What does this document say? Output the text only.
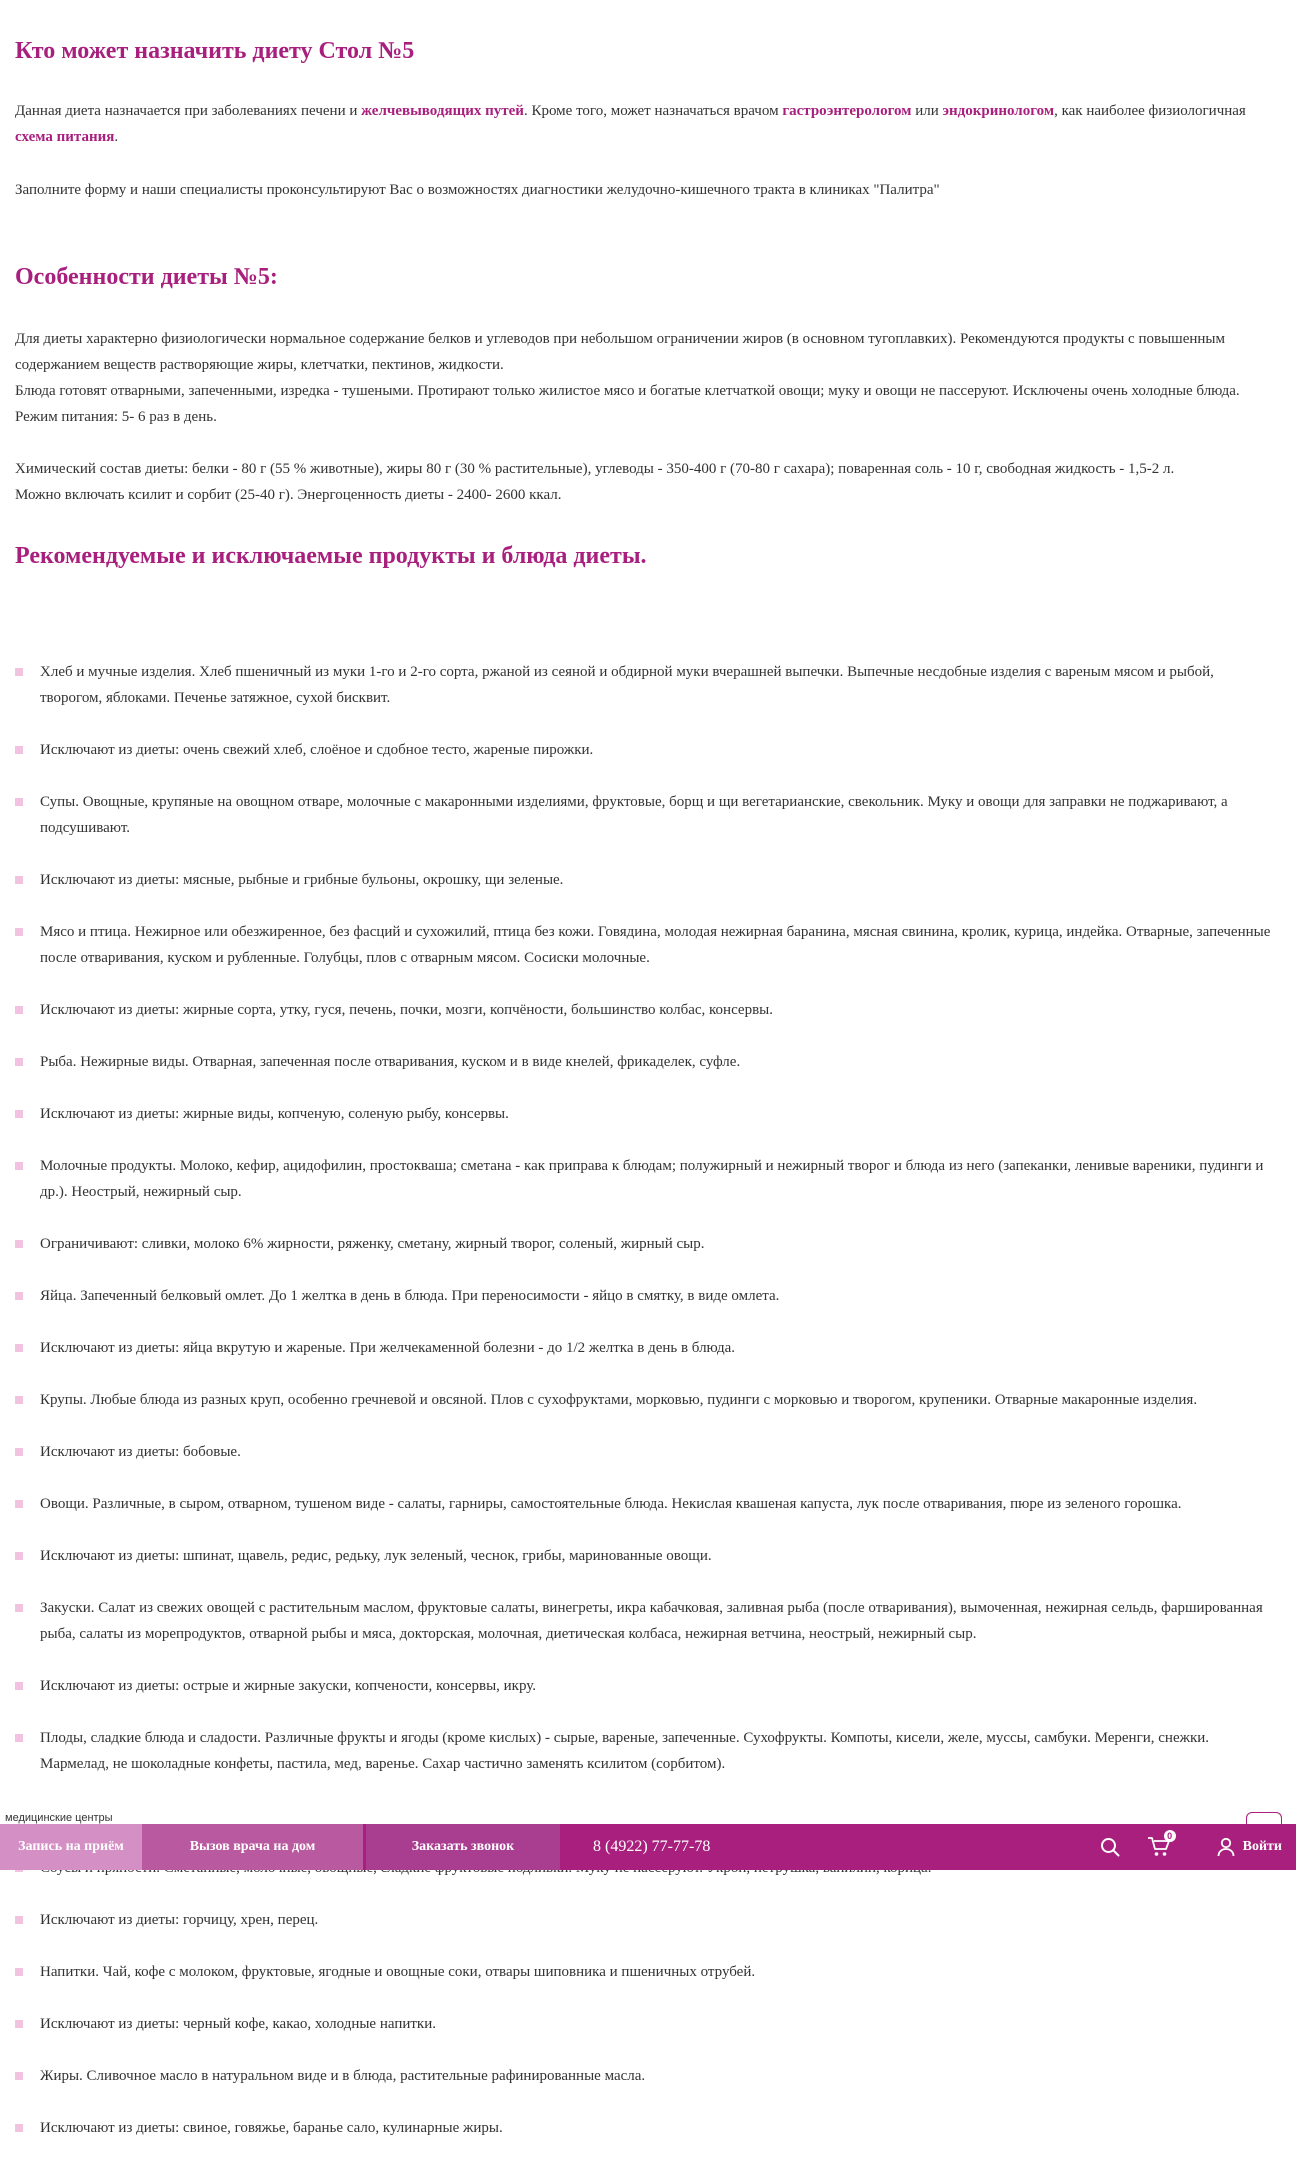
Кто может назначить диету Стол №5

Данная диета назначается при заболеваниях печени и желчевыводящих путей. Кроме того, может назначаться врачом гастроэнтерологом или эндокринологом, как наиболее физиологичная схема питания.

Заполните форму и наши специалисты проконсультируют Вас о возможностях диагностики желудочно-кишечного тракта в клиниках "Палитра"

Особенности диеты №5:

Для диеты характерно физиологически нормальное содержание белков и углеводов при небольшом ограничении жиров (в основном тугоплавких). Рекомендуются продукты с повышенным содержанием веществ растворяющие жиры, клетчатки, пектинов, жидкости.
Блюда готовят отварными, запеченными, изредка - тушеными. Протирают только жилистое мясо и богатые клетчаткой овощи; муку и овощи не пассеруют. Исключены очень холодные блюда. Режим питания: 5- 6 раз в день.

Химический состав диеты: белки - 80 г (55 % животные), жиры 80 г (30 % растительные), углеводы - 350-400 г (70-80 г сахара); поваренная соль - 10 г, свободная жидкость - 1,5-2 л.
Можно включать ксилит и сорбит (25-40 г). Энергоценность диеты - 2400- 2600 ккал.

Рекомендуемые и исключаемые продукты и блюда диеты.
Хлеб и мучные изделия. Хлеб пшеничный из муки 1-го и 2-го сорта, ржаной из сеяной и обдирной муки вчерашней выпечки. Выпечные несдобные изделия с вареным мясом и рыбой, творогом, яблоками. Печенье затяжное, сухой бисквит.
Исключают из диеты: очень свежий хлеб, слоёное и сдобное тесто, жареные пирожки.
Супы. Овощные, крупяные на овощном отваре, молочные с макаронными изделиями, фруктовые, борщ и щи вегетарианские, свекольник. Муку и овощи для заправки не поджаривают, а подсушивают.
Исключают из диеты: мясные, рыбные и грибные бульоны, окрошку, щи зеленые.
Мясо и птица. Нежирное или обезжиренное, без фасций и сухожилий, птица без кожи. Говядина, молодая нежирная баранина, мясная свинина, кролик, курица, индейка. Отварные, запеченные после отваривания, куском и рубленные. Голубцы, плов с отварным мясом. Сосиски молочные.
Исключают из диеты: жирные сорта, утку, гуся, печень, почки, мозги, копчёности, большинство колбас, консервы.
Рыба. Нежирные виды. Отварная, запеченная после отваривания, куском и в виде кнелей, фрикаделек, суфле.
Исключают из диеты: жирные виды, копченую, соленую рыбу, консервы.
Молочные продукты. Молоко, кефир, ацидофилин, простокваша; сметана - как приправа к блюдам; полужирный и нежирный творог и блюда из него (запеканки, ленивые вареники, пудинги и др.). Неострый, нежирный сыр.
Ограничивают: сливки, молоко 6% жирности, ряженку, сметану, жирный творог, соленый, жирный сыр.
Яйца. Запеченный белковый омлет. До 1 желтка в день в блюда. При переносимости - яйцо в смятку, в виде омлета.
Исключают из диеты: яйца вкрутую и жареные. При желчекаменной болезни - до 1/2 желтка в день в блюда.
Крупы. Любые блюда из разных круп, особенно гречневой и овсяной. Плов с сухофруктами, морковью, пудинги с морковью и творогом, крупеники. Отварные макаронные изделия.
Исключают из диеты: бобовые.
Овощи. Различные, в сыром, отварном, тушеном виде - салаты, гарниры, самостоятельные блюда. Некислая квашеная капуста, лук после отваривания, пюре из зеленого горошка.
Исключают из диеты: шпинат, щавель, редис, редьку, лук зеленый, чеснок, грибы, маринованные овощи.
Закуски. Салат из свежих овощей с растительным маслом, фруктовые салаты, винегреты, икра кабачковая, заливная рыба (после отваривания), вымоченная, нежирная сельдь, фаршированная рыба, салаты из морепродуктов, отварной рыбы и мяса, докторская, молочная, диетическая колбаса, нежирная ветчина, неострый, нежирный сыр.
Исключают из диеты: острые и жирные закуски, копчености, консервы, икру.
Плоды, сладкие блюда и сладости. Различные фрукты и ягоды (кроме кислых) - сырые, вареные, запеченные. Сухофрукты. Компоты, кисели, желе, муссы, самбуки. Меренги, снежки. Мармелад, не шоколадные конфеты, пастила, мед, варенье. Сахар частично заменять ксилитом (сорбитом).
Исключают из диеты: горчицу, хрен, перец.
Напитки. Чай, кофе с молоком, фруктовые, ягодные и овощные соки, отвары шиповника и пшеничных отрубей.
Исключают из диеты: черный кофе, какао, холодные напитки.
Жиры. Сливочное масло в натуральном виде и в блюда, растительные рафинированные масла.
Исключают из диеты: свиное, говяжье, баранье сало, кулинарные жиры.
медицинские центры
Запись на приём	Вызов врача на дом	Заказать звонок	8 (4922) 77-77-78
0
Войти
